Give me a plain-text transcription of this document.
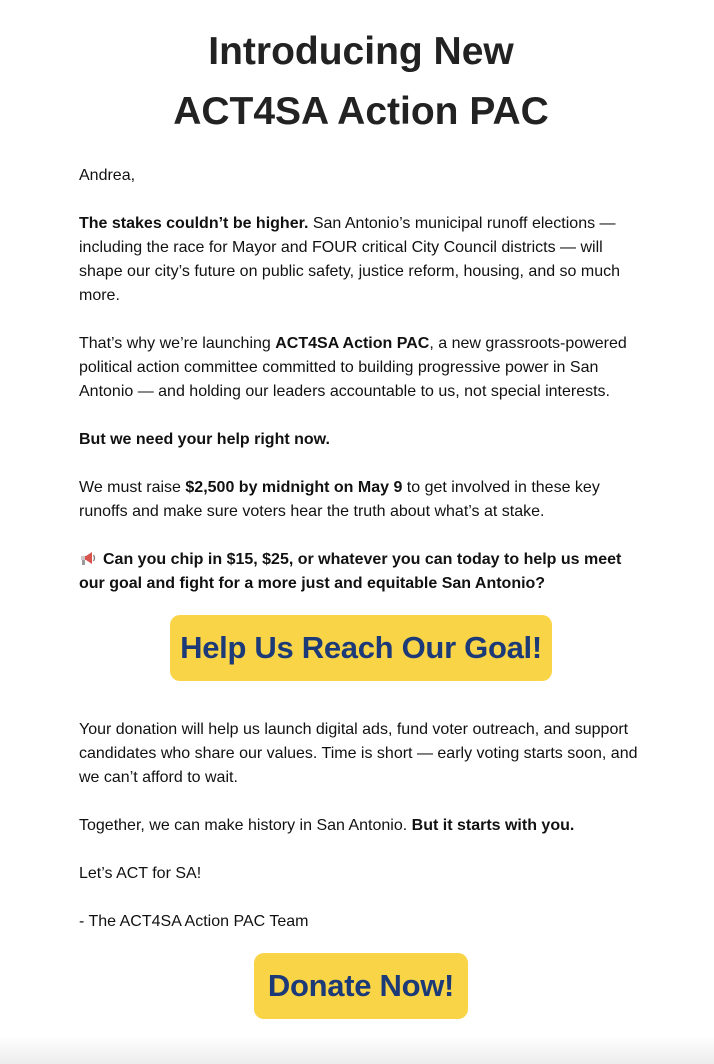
Introducing New
ACT4SA Action PAC

Andrea,

The stakes couldn’t be higher. San Antonio’s municipal runoff elections — including the race for Mayor and FOUR critical City Council districts — will shape our city’s future on public safety, justice reform, housing, and so much more.

That’s why we’re launching ACT4SA Action PAC, a new grassroots-powered political action committee committed to building progressive power in San Antonio — and holding our leaders accountable to us, not special interests.

But we need your help right now.

We must raise $2,500 by midnight on May 9 to get involved in these key runoffs and make sure voters hear the truth about what’s at stake.

Can you chip in $15, $25, or whatever you can today to help us meet our goal and fight for a more just and equitable San Antonio?

Help Us Reach Our Goal!

Your donation will help us launch digital ads, fund voter outreach, and support candidates who share our values. Time is short — early voting starts soon, and we can’t afford to wait.

Together, we can make history in San Antonio. But it starts with you.

Let’s ACT for SA!

- The ACT4SA Action PAC Team

Donate Now!
